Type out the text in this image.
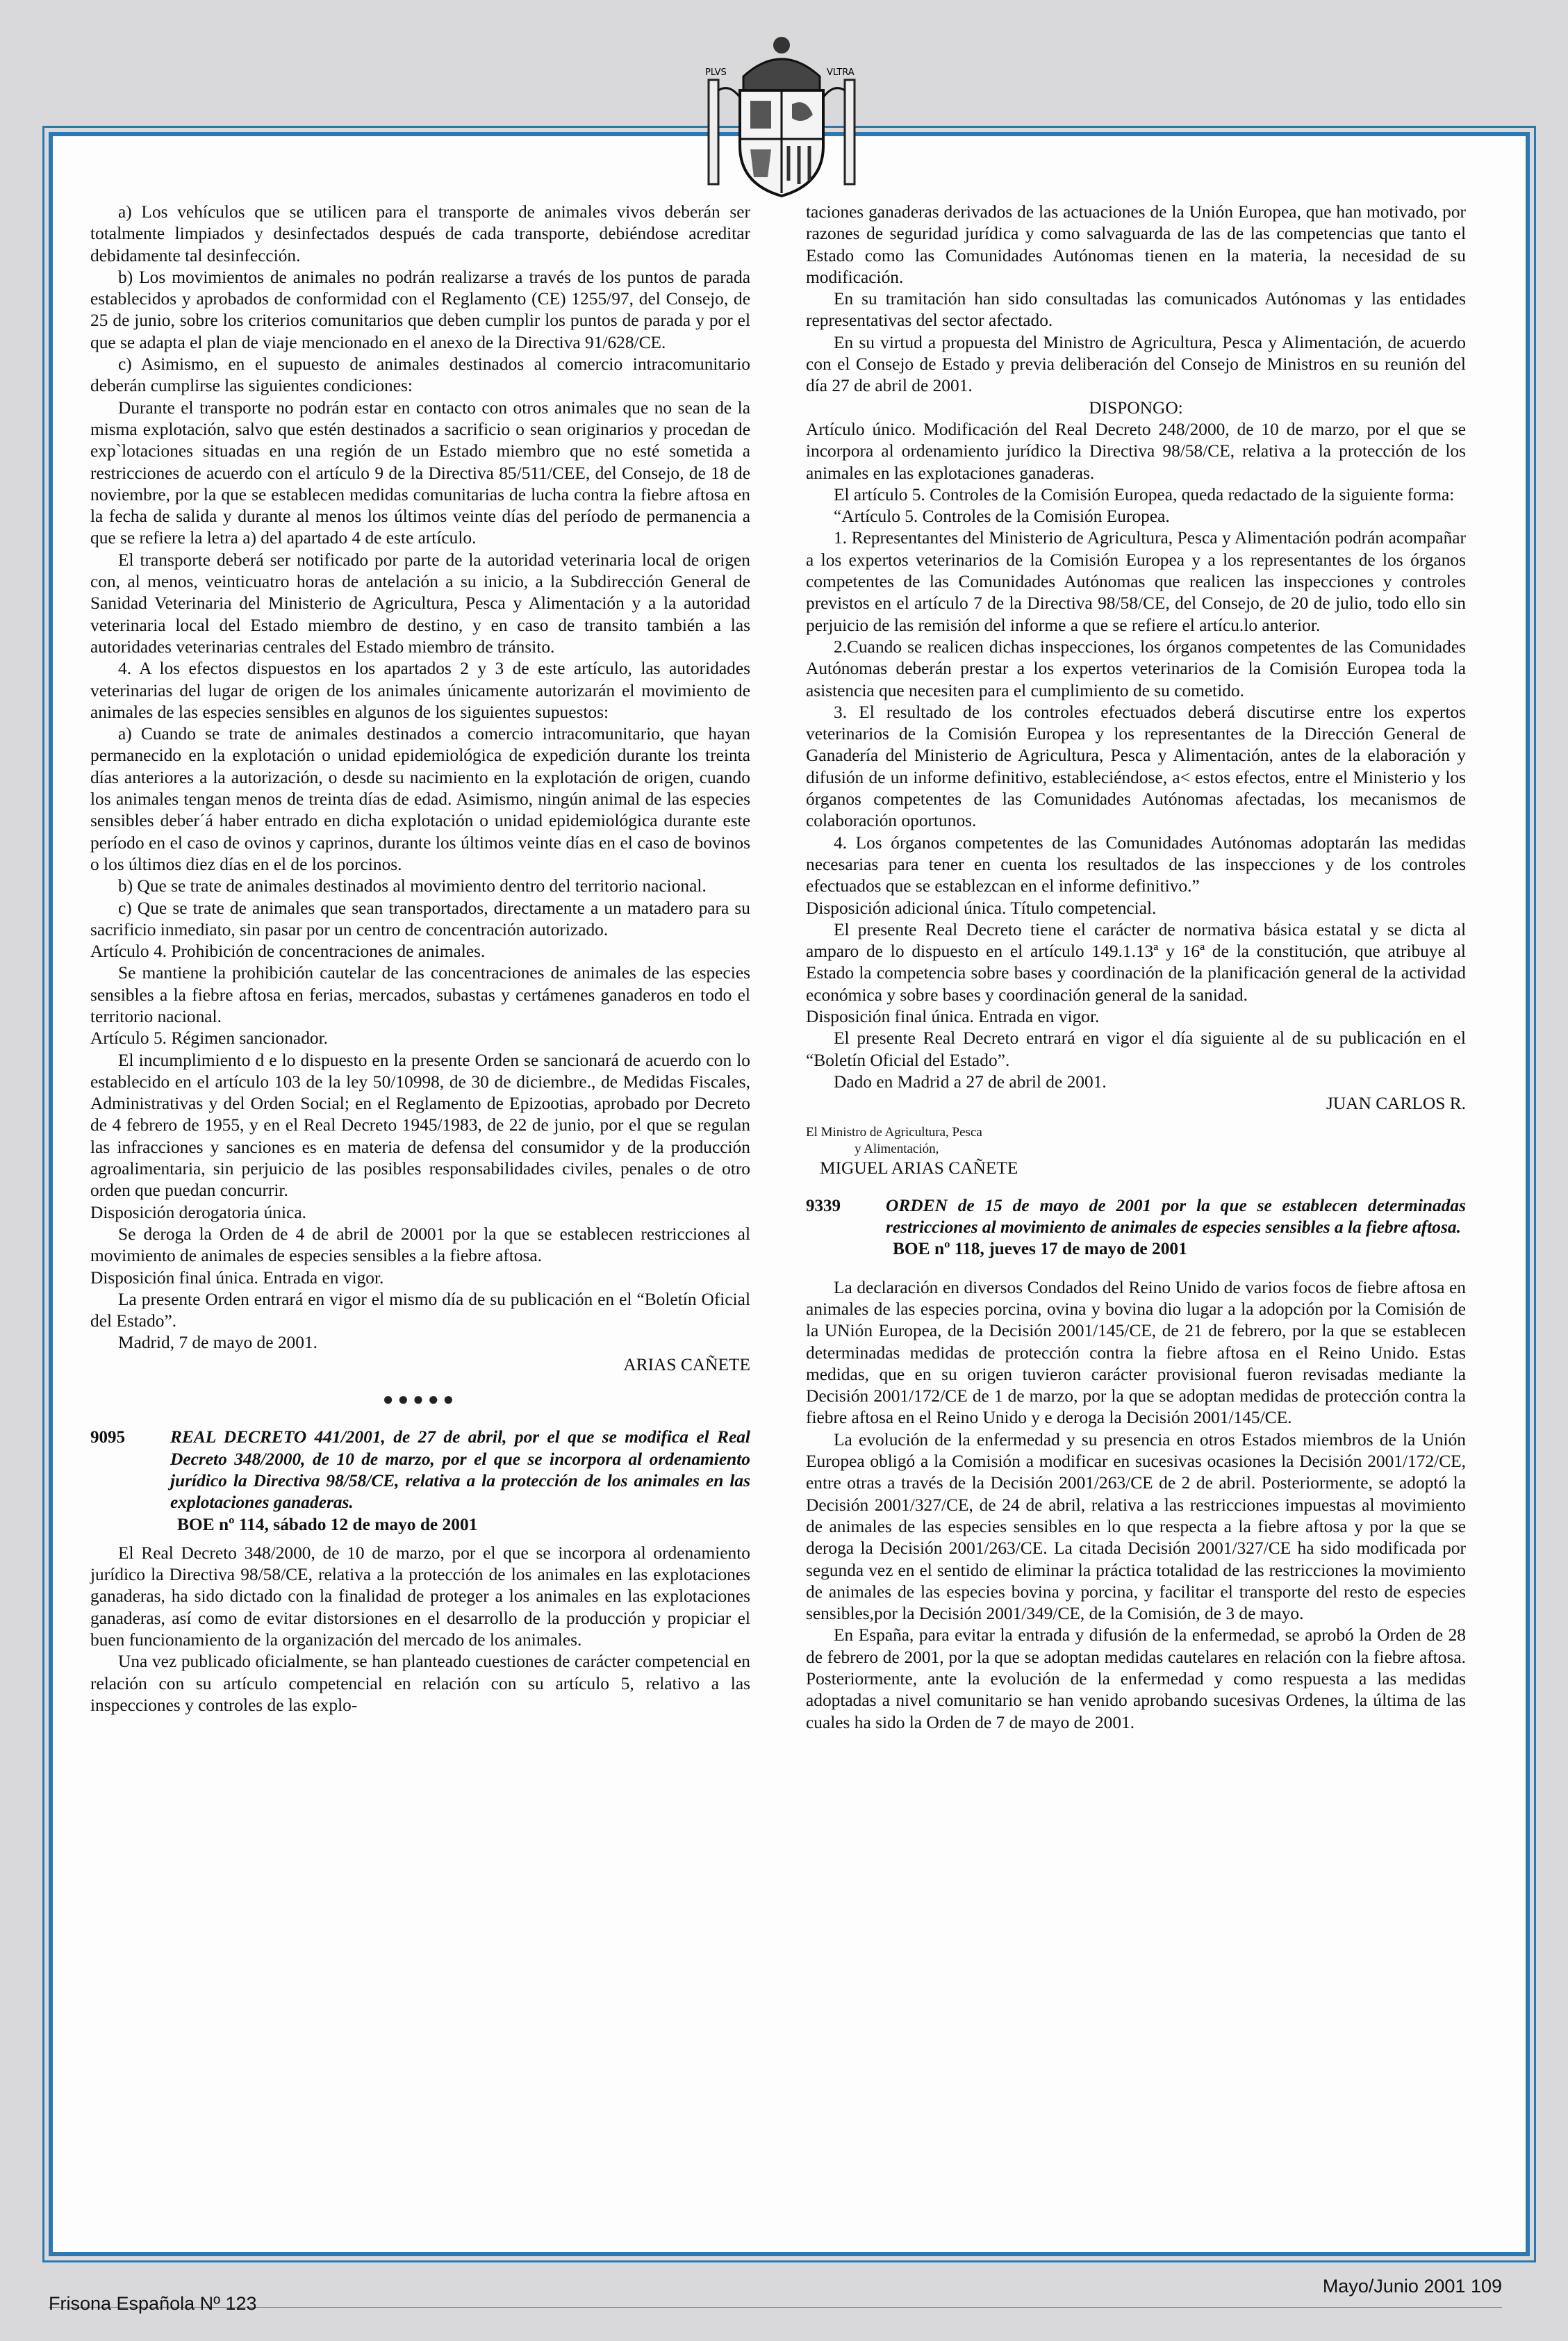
PLVS	VLTRA

a) Los vehículos que se utilicen para el transporte de animales vivos deberán ser totalmente limpiados y desinfectados después de cada transporte, debiéndose acreditar debidamente tal desinfección.

b) Los movimientos de animales no podrán realizarse a través de los puntos de parada establecidos y aprobados de conformidad con el Reglamento (CE) 1255/97, del Consejo, de 25 de junio, sobre los criterios comunitarios que deben cumplir los puntos de parada y por el que se adapta el plan de viaje mencionado en el anexo de la Directiva 91/628/CE.

c) Asimismo, en el supuesto de animales destinados al comercio intracomunitario deberán cumplirse las siguientes condiciones:

Durante el transporte no podrán estar en contacto con otros animales que no sean de la misma explotación, salvo que estén destinados a sacrificio o sean originarios y procedan de exp`lotaciones situadas en una región de un Estado miembro que no esté sometida a restricciones de acuerdo con el artículo 9 de la Directiva 85/511/CEE, del Consejo, de 18 de noviembre, por la que se establecen medidas comunitarias de lucha contra la fiebre aftosa en la fecha de salida y durante al menos los últimos veinte días del período de permanencia a que se refiere la letra a) del apartado 4 de este artículo.

El transporte deberá ser notificado por parte de la autoridad veterinaria local de origen con, al menos, veinticuatro horas de antelación a su inicio, a la Subdirección General de Sanidad Veterinaria del Ministerio de Agricultura, Pesca y Alimentación y a la autoridad veterinaria local del Estado miembro de destino, y en caso de transito también a las autoridades veterinarias centrales del Estado miembro de tránsito.

4. A los efectos dispuestos en los apartados 2 y 3 de este artículo, las autoridades veterinarias del lugar de origen de los animales únicamente autorizarán el movimiento de animales de las especies sensibles en algunos de los siguientes supuestos:

a) Cuando se trate de animales destinados a comercio intracomunitario, que hayan permanecido en la explotación o unidad epidemiológica de expedición durante los treinta días anteriores a la autorización, o desde su nacimiento en la explotación de origen, cuando los animales tengan menos de treinta días de edad. Asimismo, ningún animal de las especies sensibles deber´á haber entrado en dicha explotación o unidad epidemiológica durante este período en el caso de ovinos y caprinos, durante los últimos veinte días en el caso de bovinos o los últimos diez días en el de los porcinos.

b) Que se trate de animales destinados al movimiento dentro del territorio nacional.

c) Que se trate de animales que sean transportados, directamente a un matadero para su sacrificio inmediato, sin pasar por un centro de concentración autorizado.

Artículo 4. Prohibición de concentraciones de animales.

Se mantiene la prohibición cautelar de las concentraciones de animales de las especies sensibles a la fiebre aftosa en ferias, mercados, subastas y certámenes ganaderos en todo el territorio nacional.

Artículo 5. Régimen sancionador.

El incumplimiento d e lo dispuesto en la presente Orden se sancionará de acuerdo con lo establecido en el artículo 103 de la ley 50/10998, de 30 de diciembre., de Medidas Fiscales, Administrativas y del Orden Social; en el Reglamento de Epizootias, aprobado por Decreto de 4 febrero de 1955, y en el Real Decreto 1945/1983, de 22 de junio, por el que se regulan las infracciones y sanciones es en materia de defensa del consumidor y de la producción agroalimentaria, sin perjuicio de las posibles responsabilidades civiles, penales o de otro orden que puedan concurrir.

Disposición derogatoria única.

Se deroga la Orden de 4 de abril de 20001 por la que se establecen restricciones al movimiento de animales de especies sensibles a la fiebre aftosa.

Disposición final única. Entrada en vigor.

La presente Orden entrará en vigor el mismo día de su publicación en el “Boletín Oficial del Estado”.

Madrid, 7 de mayo de 2001.

ARIAS CAÑETE

●●●●●
9095	REAL DECRETO 441/2001, de 27 de abril, por el que se modifica el Real Decreto 348/2000, de 10 de marzo, por el que se incorpora al ordenamiento jurídico la Directiva 98/58/CE, relativa a la protección de los animales en las explotaciones ganaderas.
BOE nº 114, sábado 12 de mayo de 2001

El Real Decreto 348/2000, de 10 de marzo, por el que se incorpora al ordenamiento jurídico la Directiva 98/58/CE, relativa a la protección de los animales en las explotaciones ganaderas, ha sido dictado con la finalidad de proteger a los animales en las explotaciones ganaderas, así como de evitar distorsiones en el desarrollo de la producción y propiciar el buen funcionamiento de la organización del mercado de los animales.

Una vez publicado oficialmente, se han planteado cuestiones de carácter competencial en relación con su artículo competencial en relación con su artículo 5, relativo a las inspecciones y controles de las explo-

taciones ganaderas derivados de las actuaciones de la Unión Europea, que han motivado, por razones de seguridad jurídica y como salvaguarda de las de las competencias que tanto el Estado como las Comunidades Autónomas tienen en la materia, la necesidad de su modificación.

En su tramitación han sido consultadas las comunicados Autónomas y las entidades representativas del sector afectado.

En su virtud a propuesta del Ministro de Agricultura, Pesca y Alimentación, de acuerdo con el Consejo de Estado y previa deliberación del Consejo de Ministros en su reunión del día 27 de abril de 2001.

DISPONGO:

Artículo único. Modificación del Real Decreto 248/2000, de 10 de marzo, por el que se incorpora al ordenamiento jurídico la Directiva 98/58/CE, relativa a la protección de los animales en las explotaciones ganaderas.

El artículo 5. Controles de la Comisión Europea, queda redactado de la siguiente forma:

“Artículo 5. Controles de la Comisión Europea.

1. Representantes del Ministerio de Agricultura, Pesca y Alimentación podrán acompañar a los expertos veterinarios de la Comisión Europea y a los representantes de los órganos competentes de las Comunidades Autónomas que realicen las inspecciones y controles previstos en el artículo 7 de la Directiva 98/58/CE, del Consejo, de 20 de julio, todo ello sin perjuicio de las remisión del informe a que se refiere el artícu.lo anterior.

2.Cuando se realicen dichas inspecciones, los órganos competentes de las Comunidades Autónomas deberán prestar a los expertos veterinarios de la Comisión Europea toda la asistencia que necesiten para el cumplimiento de su cometido.

3. El resultado de los controles efectuados deberá discutirse entre los expertos veterinarios de la Comisión Europea y los representantes de la Dirección General de Ganadería del Ministerio de Agricultura, Pesca y Alimentación, antes de la elaboración y difusión de un informe definitivo, estableciéndose, a< estos efectos, entre el Ministerio y los órganos competentes de las Comunidades Autónomas afectadas, los mecanismos de colaboración oportunos.

4. Los órganos competentes de las Comunidades Autónomas adoptarán las medidas necesarias para tener en cuenta los resultados de las inspecciones y de los controles efectuados que se establezcan en el informe definitivo.”

Disposición adicional única. Título competencial.

El presente Real Decreto tiene el carácter de normativa básica estatal y se dicta al amparo de lo dispuesto en el artículo 149.1.13ª y 16ª de la constitución, que atribuye al Estado la competencia sobre bases y coordinación de la planificación general de la actividad económica y sobre bases y coordinación general de la sanidad.

Disposición final única. Entrada en vigor.

El presente Real Decreto entrará en vigor el día siguiente al de su publicación en el “Boletín Oficial del Estado”.

Dado en Madrid a 27 de abril de 2001.

JUAN CARLOS R.

El Ministro de Agricultura, Pesca

y Alimentación,

MIGUEL ARIAS CAÑETE

9339	ORDEN de 15 de mayo de 2001 por la que se establecen determinadas restricciones al movimiento de animales de especies sensibles a la fiebre aftosa.
BOE nº 118, jueves 17 de mayo de 2001

La declaración en diversos Condados del Reino Unido de varios focos de fiebre aftosa en animales de las especies porcina, ovina y bovina dio lugar a la adopción por la Comisión de la UNión Europea, de la Decisión 2001/145/CE, de 21 de febrero, por la que se establecen determinadas medidas de protección contra la fiebre aftosa en el Reino Unido. Estas medidas, que en su origen tuvieron carácter provisional fueron revisadas mediante la Decisión 2001/172/CE de 1 de marzo, por la que se adoptan medidas de protección contra la fiebre aftosa en el Reino Unido y e deroga la Decisión 2001/145/CE.

La evolución de la enfermedad y su presencia en otros Estados miembros de la Unión Europea obligó a la Comisión a modificar en sucesivas ocasiones la Decisión 2001/172/CE, entre otras a través de la Decisión 2001/263/CE de 2 de abril. Posteriormente, se adoptó la Decisión 2001/327/CE, de 24 de abril, relativa a las restricciones impuestas al movimiento de animales de las especies sensibles en lo que respecta a la fiebre aftosa y por la que se deroga la Decisión 2001/263/CE. La citada Decisión 2001/327/CE ha sido modificada por segunda vez en el sentido de eliminar la práctica totalidad de las restricciones la movimiento de animales de las especies bovina y porcina, y facilitar el transporte del resto de especies sensibles,por la Decisión 2001/349/CE, de la Comisión, de 3 de mayo.

En España, para evitar la entrada y difusión de la enfermedad, se aprobó la Orden de 28 de febrero de 2001, por la que se adoptan medidas cautelares en relación con la fiebre aftosa. Posteriormente, ante la evolución de la enfermedad y como respuesta a las medidas adoptadas a nivel comunitario se han venido aprobando sucesivas Ordenes, la última de las cuales ha sido la Orden de 7 de mayo de 2001.

Frisona Española Nº 123
Mayo/Junio 2001 109
